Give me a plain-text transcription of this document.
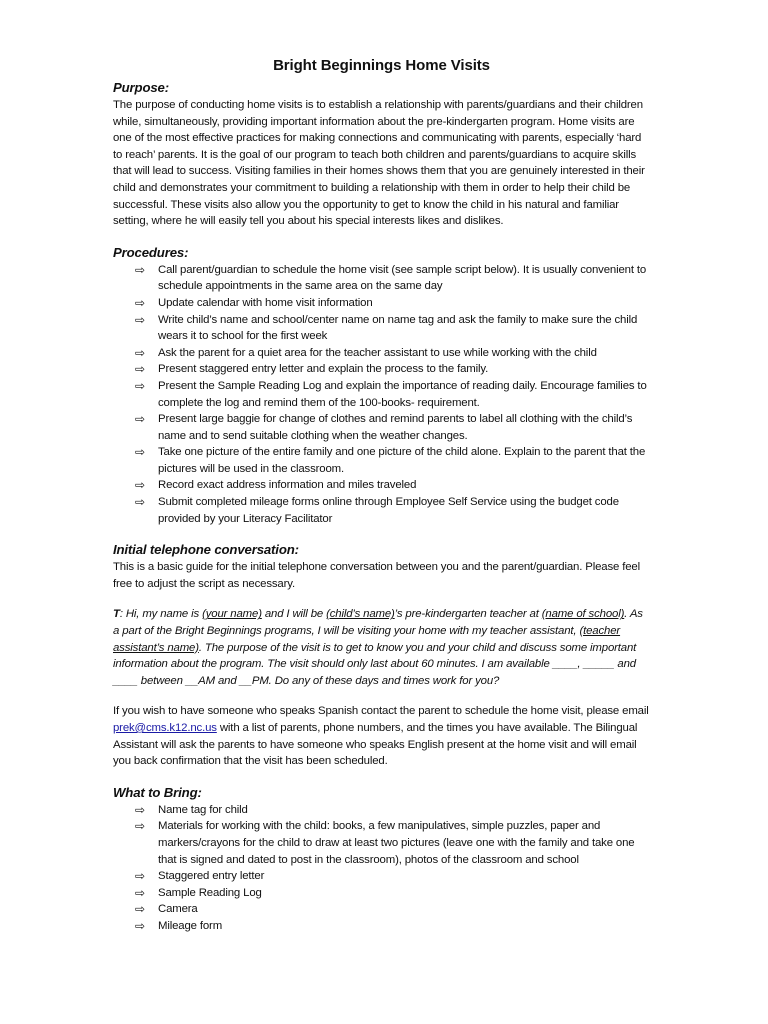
Bright Beginnings Home Visits
Purpose:

The purpose of conducting home visits is to establish a relationship with parents/guardians and their children while, simultaneously, providing important information about the pre-kindergarten program. Home visits are one of the most effective practices for making connections and communicating with parents, especially ‘hard to reach’ parents. It is the goal of our program to teach both children and parents/guardians to acquire skills that will lead to success. Visiting families in their homes shows them that you are genuinely interested in their child and demonstrates your commitment to building a relationship with them in order to help their child be successful. These visits also allow you the opportunity to get to know the child in his natural and familiar setting, where he will easily tell you about his special interests likes and dislikes.

Procedures:
⇨	Call parent/guardian to schedule the home visit (see sample script below). It is usually convenient to schedule appointments in the same area on the same day
⇨	Update calendar with home visit information
⇨	Write child’s name and school/center name on name tag and ask the family to make sure the child wears it to school for the first week
⇨	Ask the parent for a quiet area for the teacher assistant to use while working with the child
⇨	Present staggered entry letter and explain the process to the family.
⇨	Present the Sample Reading Log and explain the importance of reading daily. Encourage families to complete the log and remind them of the 100-books- requirement.
⇨	Present large baggie for change of clothes and remind parents to label all clothing with the child’s name and to send suitable clothing when the weather changes.
⇨	Take one picture of the entire family and one picture of the child alone. Explain to the parent that the pictures will be used in the classroom.
⇨	Record exact address information and miles traveled
⇨	Submit completed mileage forms online through Employee Self Service using the budget code provided by your Literacy Facilitator
Initial telephone conversation:

This is a basic guide for the initial telephone conversation between you and the parent/guardian. Please feel free to adjust the script as necessary.

T: Hi, my name is (your name) and I will be (child’s name)’s pre-kindergarten teacher at (name of school). As a part of the Bright Beginnings programs, I will be visiting your home with my teacher assistant, (teacher assistant’s name). The purpose of the visit is to get to know you and your child and discuss some important information about the program. The visit should only last about 60 minutes. I am available ____, _____ and ____ between __AM and __PM. Do any of these days and times work for you?

If you wish to have someone who speaks Spanish contact the parent to schedule the home visit, please email prek@cms.k12.nc.us with a list of parents, phone numbers, and the times you have available. The Bilingual Assistant will ask the parents to have someone who speaks English present at the home visit and will email you back confirmation that the visit has been scheduled.

What to Bring:
⇨	Name tag for child
⇨	Materials for working with the child: books, a few manipulatives, simple puzzles, paper and markers/crayons for the child to draw at least two pictures (leave one with the family and take one that is signed and dated to post in the classroom), photos of the classroom and school
⇨	Staggered entry letter
⇨	Sample Reading Log
⇨	Camera
⇨	Mileage form
